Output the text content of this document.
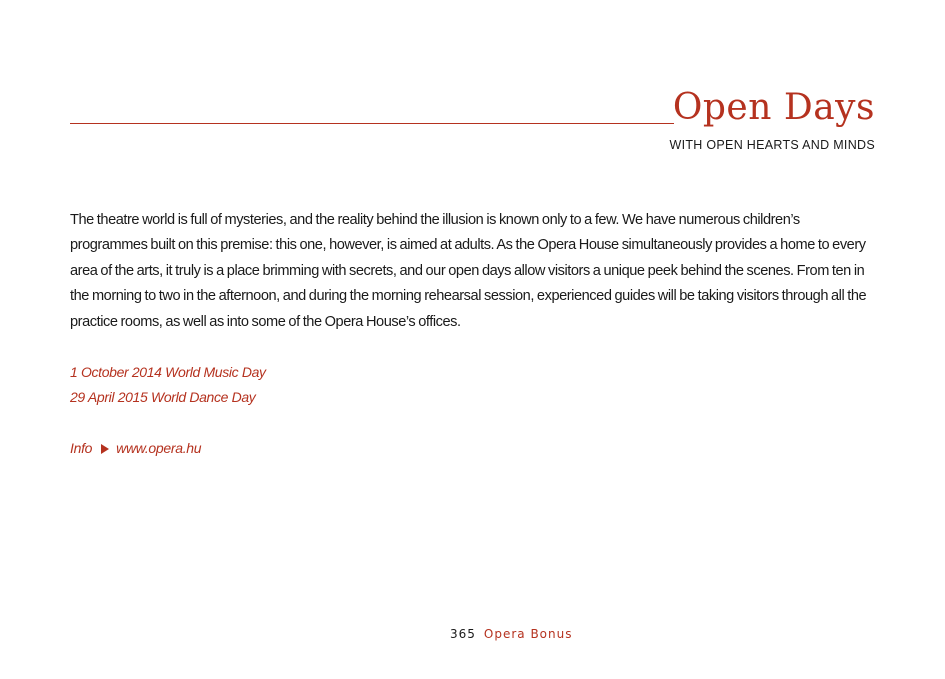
Open Days
WITH OPEN HEARTS AND MINDS

The theatre world is full of mysteries, and the reality behind the illusion is known only to a few. We have numerous children’s programmes built on this premise: this one, however, is aimed at adults. As the Opera House simultaneously provides a home to every area of the arts, it truly is a place brimming with secrets, and our open days allow visitors a unique peek behind the scenes. From ten in the morning to two in the afternoon, and during the morning rehearsal session, experienced guides will be taking visitors through all the practice rooms, as well as into some of the Opera House’s offices.

1 October 2014 World Music Day
29 April 2015 World Dance Day
Info www.opera.hu
365 Opera Bonus
